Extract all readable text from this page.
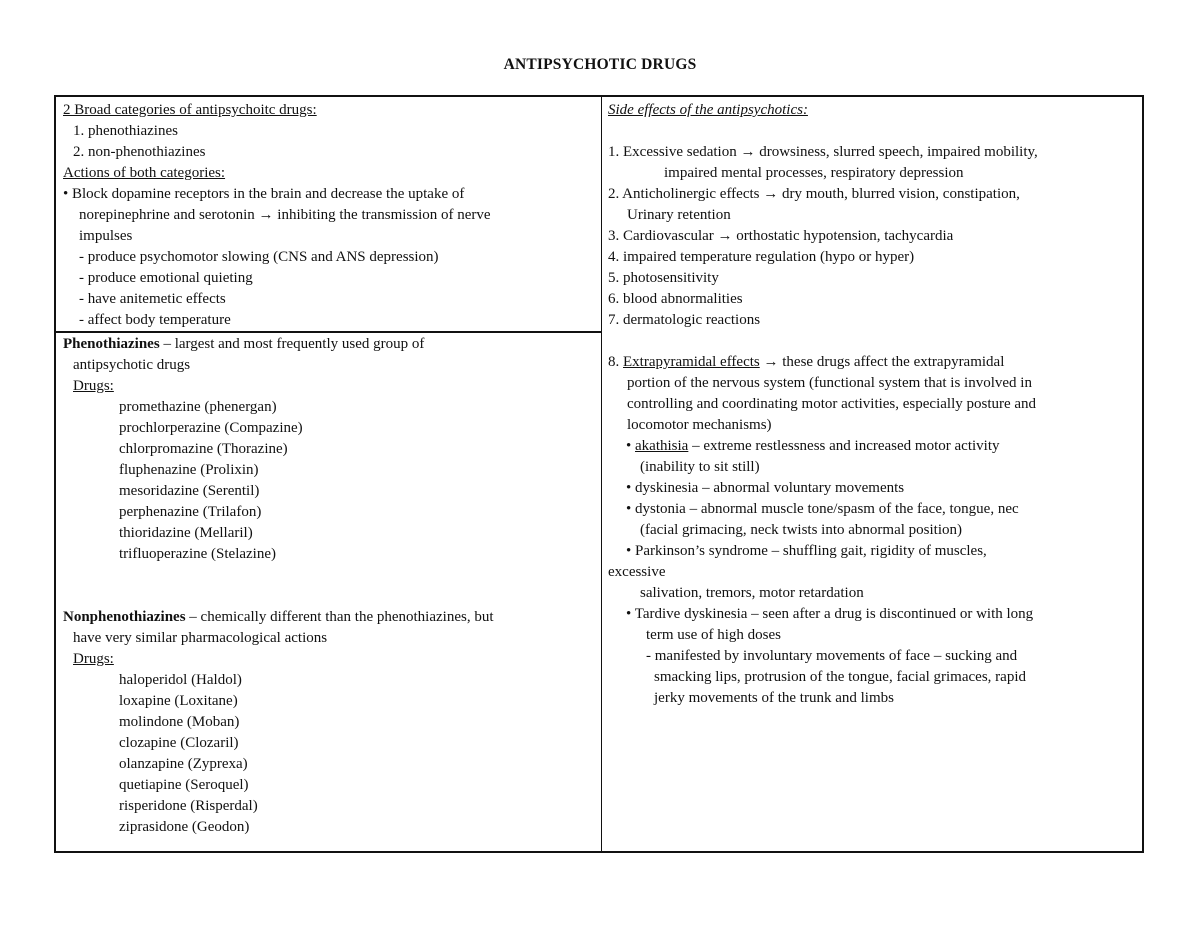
ANTIPSYCHOTIC DRUGS
2 Broad categories of antipsychoitc drugs:
1. phenothiazines
2. non-phenothiazines
Actions of both categories:
• Block dopamine receptors in the brain and decrease the uptake of
norepinephrine and serotonin → inhibiting the transmission of nerve
impulses
- produce psychomotor slowing (CNS and ANS depression)
- produce emotional quieting
- have anitemetic effects
- affect body temperature
Phenothiazines – largest and most frequently used group of
antipsychotic drugs
Drugs:
promethazine (phenergan)
prochlorperazine (Compazine)
chlorpromazine (Thorazine)
fluphenazine (Prolixin)
mesoridazine (Serentil)
perphenazine (Trilafon)
thioridazine (Mellaril)
trifluoperazine (Stelazine)
Nonphenothiazines – chemically different than the phenothiazines, but
have very similar pharmacological actions
Drugs:
haloperidol (Haldol)
loxapine (Loxitane)
molindone (Moban)
clozapine (Clozaril)
olanzapine (Zyprexa)
quetiapine (Seroquel)
risperidone (Risperdal)
ziprasidone (Geodon)
Side effects of the antipsychotics:
1. Excessive sedation → drowsiness, slurred speech, impaired mobility,
impaired mental processes, respiratory depression
2. Anticholinergic effects → dry mouth, blurred vision, constipation,
Urinary retention
3. Cardiovascular → orthostatic hypotension, tachycardia
4. impaired temperature regulation (hypo or hyper)
5. photosensitivity
6. blood abnormalities
7. dermatologic reactions
8. Extrapyramidal effects → these drugs affect the extrapyramidal
portion of the nervous system (functional system that is involved in
controlling and coordinating motor activities, especially posture and
locomotor mechanisms)
• akathisia – extreme restlessness and increased motor activity
(inability to sit still)
• dyskinesia – abnormal voluntary movements
• dystonia – abnormal muscle tone/spasm of the face, tongue, nec
(facial grimacing, neck twists into abnormal position)
• Parkinson’s syndrome – shuffling gait, rigidity of muscles,
excessive
salivation, tremors, motor retardation
• Tardive dyskinesia – seen after a drug is discontinued or with long
term use of high doses
- manifested by involuntary movements of face – sucking and
smacking lips, protrusion of the tongue, facial grimaces, rapid
jerky movements of the trunk and limbs
